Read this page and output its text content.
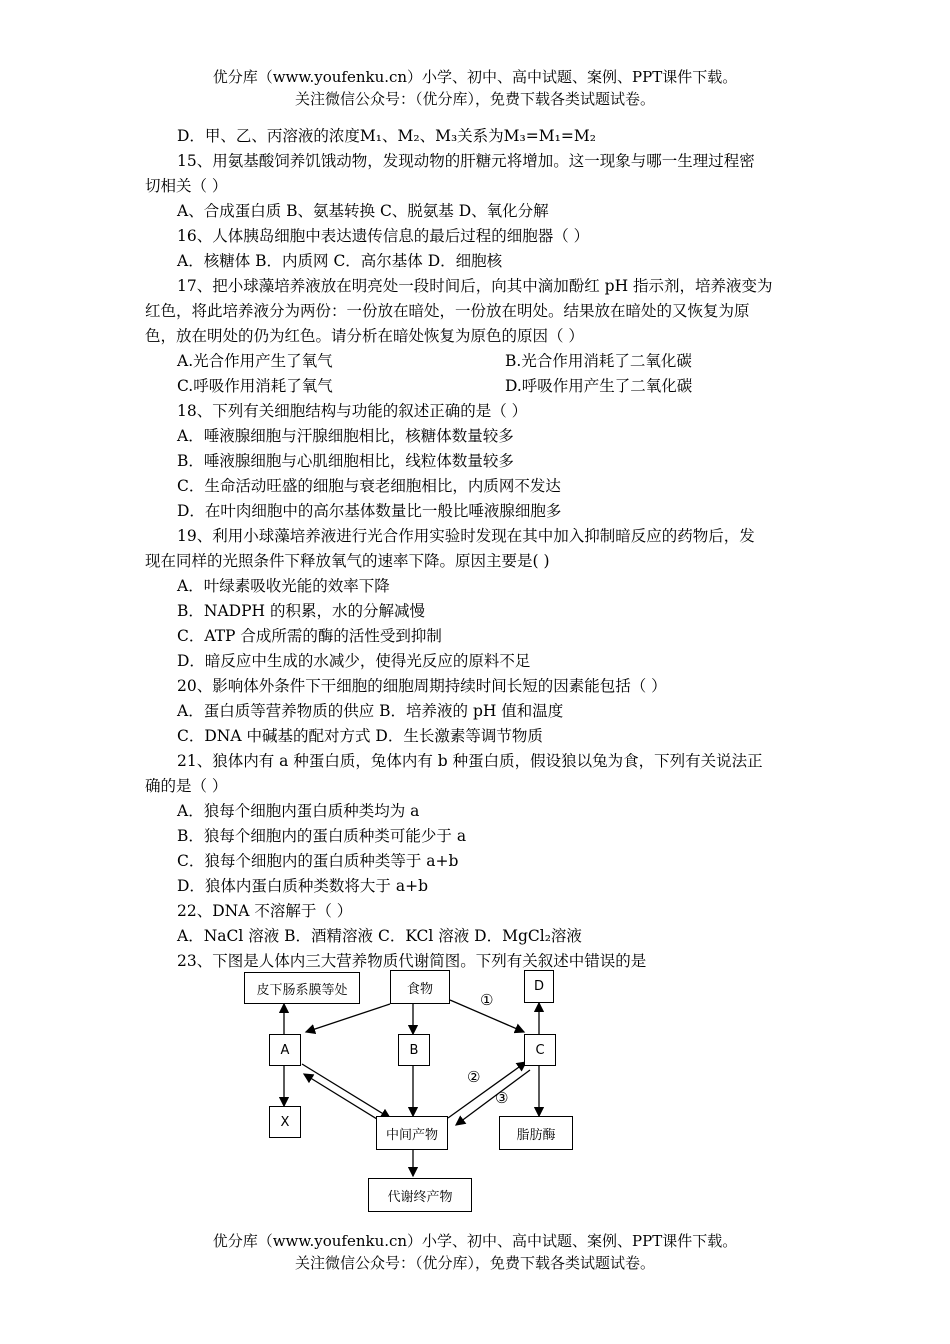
优分库（www.youfenku.cn）小学、初中、高中试题、案例、PPT课件下载。
关注微信公众号：（优分库），免费下载各类试题试卷。
D．甲、乙、丙溶液的浓度M₁、M₂、M₃关系为M₃=M₁=M₂
15、用氨基酸饲养饥饿动物，发现动物的肝糖元将增加。这一现象与哪一生理过程密
切相关（ ）
A、合成蛋白质 B、氨基转换 C、脱氨基 D、氧化分解
16、人体胰岛细胞中表达遗传信息的最后过程的细胞器（ ）
A．核糖体 B．内质网 C．高尔基体 D．细胞核
17、把小球藻培养液放在明亮处一段时间后，向其中滴加酚红 pH 指示剂，培养液变为
红色，将此培养液分为两份：一份放在暗处，一份放在明处。结果放在暗处的又恢复为原
色，放在明处的仍为红色。请分析在暗处恢复为原色的原因（ ）
A.光合作用产生了氧气	B.光合作用消耗了二氧化碳
C.呼吸作用消耗了氧气	D.呼吸作用产生了二氧化碳
18、下列有关细胞结构与功能的叙述正确的是（ ）
A．唾液腺细胞与汗腺细胞相比，核糖体数量较多
B．唾液腺细胞与心肌细胞相比，线粒体数量较多
C．生命活动旺盛的细胞与衰老细胞相比，内质网不发达
D．在叶肉细胞中的高尔基体数量比一般比唾液腺细胞多
19、利用小球藻培养液进行光合作用实验时发现在其中加入抑制暗反应的药物后，发
现在同样的光照条件下释放氧气的速率下降。原因主要是( )
A．叶绿素吸收光能的效率下降
B．NADPH 的积累，水的分解减慢
C．ATP 合成所需的酶的活性受到抑制
D．暗反应中生成的水减少，使得光反应的原料不足
20、影响体外条件下干细胞的细胞周期持续时间长短的因素能包括（ ）
A．蛋白质等营养物质的供应 B．培养液的 pH 值和温度
C．DNA 中碱基的配对方式 D．生长激素等调节物质
21、狼体内有 a 种蛋白质，兔体内有 b 种蛋白质，假设狼以兔为食，下列有关说法正
确的是（ ）
A．狼每个细胞内蛋白质种类均为 a
B．狼每个细胞内的蛋白质种类可能少于 a
C．狼每个细胞内的蛋白质种类等于 a+b
D．狼体内蛋白质种类数将大于 a+b
22、DNA 不溶解于（ ）
A．NaCl 溶液 B．酒精溶液 C．KCl 溶液 D．MgCl₂溶液
23、下图是人体内三大营养物质代谢简图。下列有关叙述中错误的是
①
②
③
皮下肠系膜等处	食物	D
A	B	C
X
中间产物	脂肪酶
代谢终产物
优分库（www.youfenku.cn）小学、初中、高中试题、案例、PPT课件下载。
关注微信公众号：（优分库），免费下载各类试题试卷。
